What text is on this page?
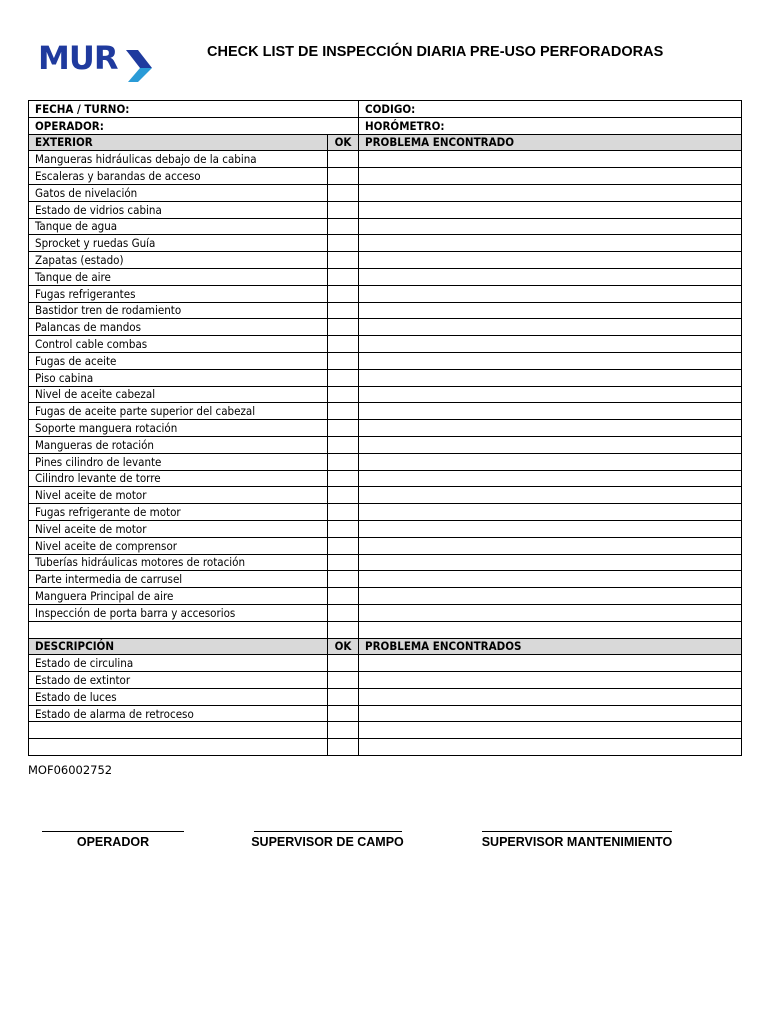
MUR	CHECK LIST DE INSPECCIÓN DIARIA PRE-USO PERFORADORAS
FECHA / TURNO:		CODIGO:
OPERADOR:		HORÓMETRO:
EXTERIOR	OK	PROBLEMA ENCONTRADO
Mangueras hidráulicas debajo de la cabina		
Escaleras y barandas de acceso		
Gatos de nivelación		
Estado de vidrios cabina		
Tanque de agua		
Sprocket y ruedas Guía		
Zapatas (estado)		
Tanque de aire		
Fugas refrigerantes		
Bastidor tren de rodamiento		
Palancas de mandos		
Control cable combas		
Fugas de aceite		
Piso cabina		
Nivel de aceite cabezal		
Fugas de aceite parte superior del cabezal		
Soporte manguera rotación		
Mangueras de rotación		
Pines cilindro de levante		
Cilindro levante de torre		
Nivel aceite de motor		
Fugas refrigerante de motor		
Nivel aceite de motor		
Nivel aceite de comprensor		
Tuberías hidráulicas motores de rotación		
Parte intermedia de carrusel		
Manguera Principal de aire		
Inspección de porta barra y accesorios		

DESCRIPCIÓN	OK	PROBLEMA ENCONTRADOS
Estado de circulina		
Estado de extintor		
Estado de luces		
Estado de alarma de retroceso		

MOF06002752
OPERADOR	SUPERVISOR DE CAMPO	SUPERVISOR MANTENIMIENTO
